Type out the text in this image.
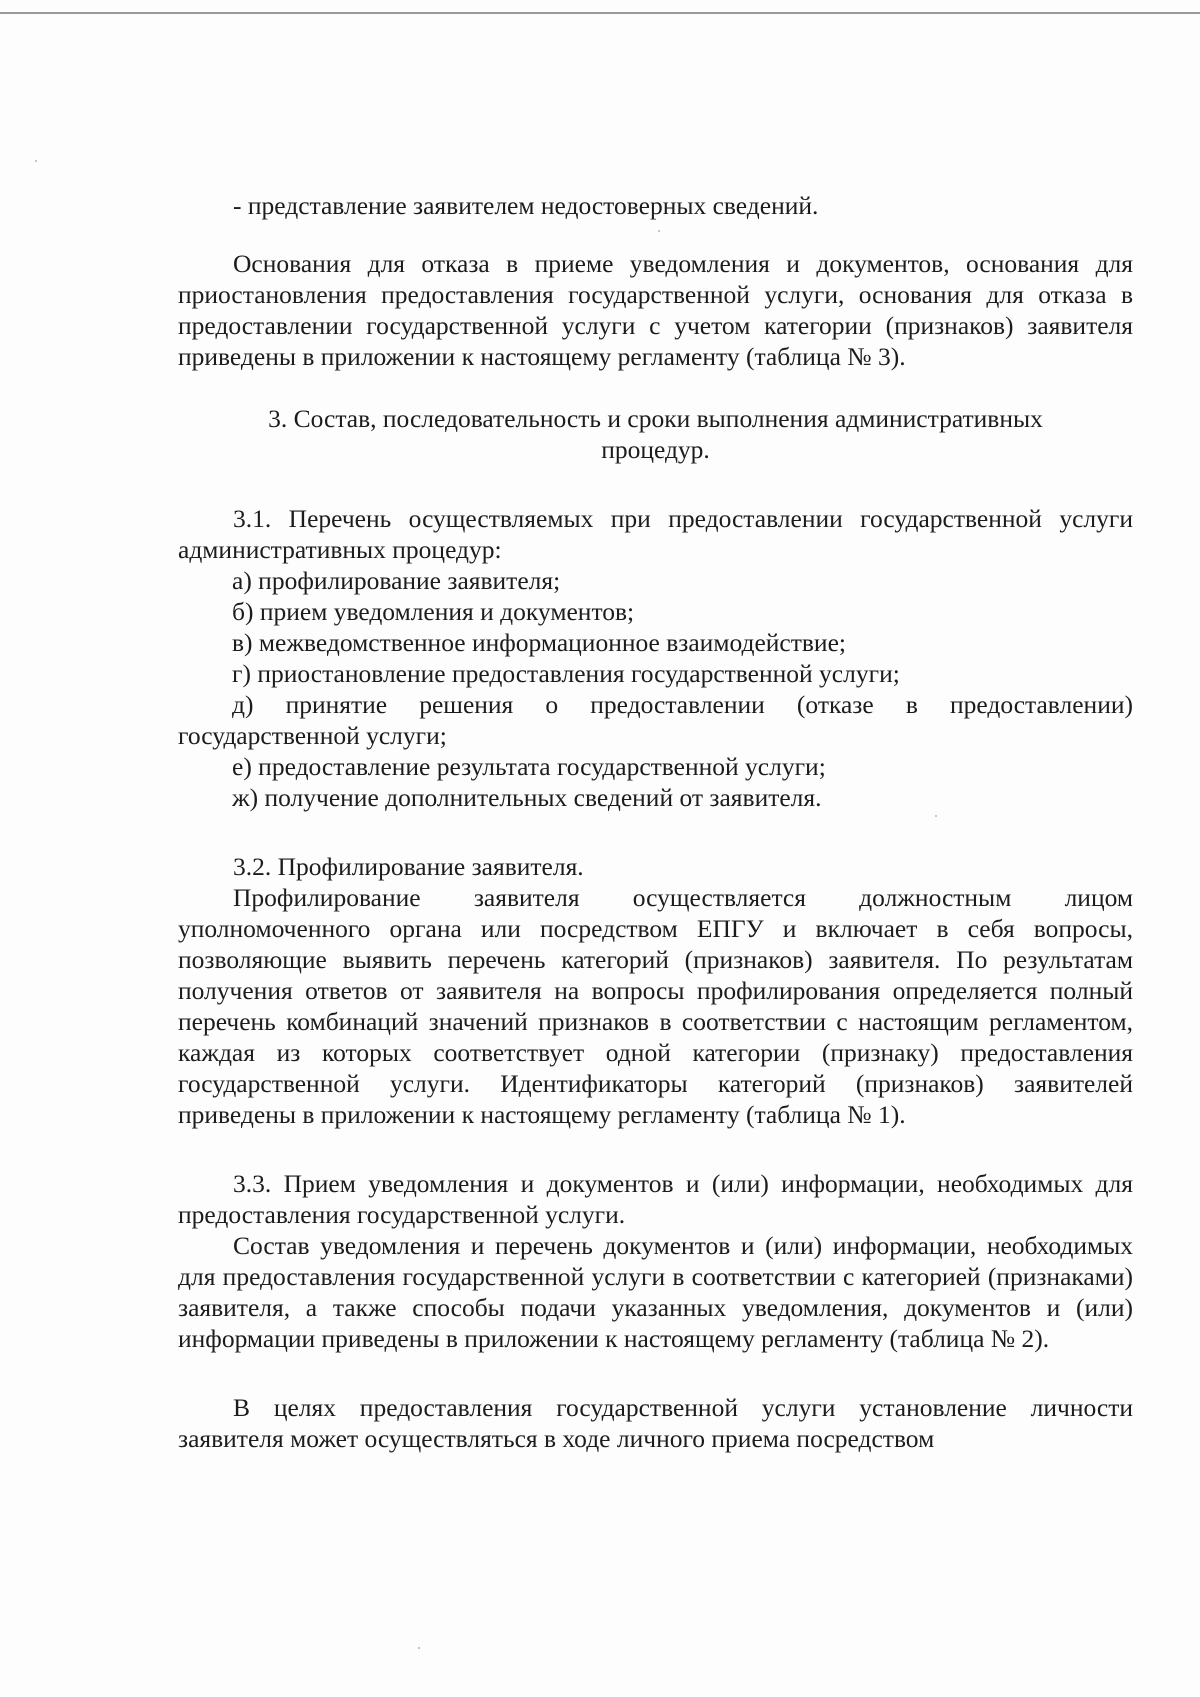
- представление заявителем недостоверных сведений.

Основания для отказа в приеме уведомления и документов, основания для приостановления предоставления государственной услуги, основания для отказа в предоставлении государственной услуги с учетом категории (признаков) заявителя приведены в приложении к настоящему регламенту (таблица № 3).

3. Состав, последовательность и сроки выполнения административных

процедур.

3.1. Перечень осуществляемых при предоставлении государственной услуги административных процедур:

а) профилирование заявителя;

б) прием уведомления и документов;

в) межведомственное информационное взаимодействие;

г) приостановление предоставления государственной услуги;

д) принятие решения о предоставлении (отказе в предоставлении) государственной услуги;

е) предоставление результата государственной услуги;

ж) получение дополнительных сведений от заявителя.

3.2. Профилирование заявителя.

Профилирование заявителя осуществляется должностным лицом уполномоченного органа или посредством ЕПГУ и включает в себя вопросы, позволяющие выявить перечень категорий (признаков) заявителя. По результатам получения ответов от заявителя на вопросы профилирования определяется полный перечень комбинаций значений признаков в соответствии с настоящим регламентом, каждая из которых соответствует одной категории (признаку) предоставления государственной услуги. Идентификаторы категорий (признаков) заявителей приведены в приложении к настоящему регламенту (таблица № 1).

3.3. Прием уведомления и документов и (или) информации, необходимых для предоставления государственной услуги.

Состав уведомления и перечень документов и (или) информации, необходимых для предоставления государственной услуги в соответствии с категорией (признаками) заявителя, а также способы подачи указанных уведомления, документов и (или) информации приведены в приложении к настоящему регламенту (таблица № 2).

В целях предоставления государственной услуги установление личности заявителя может осуществляться в ходе личного приема посредством
